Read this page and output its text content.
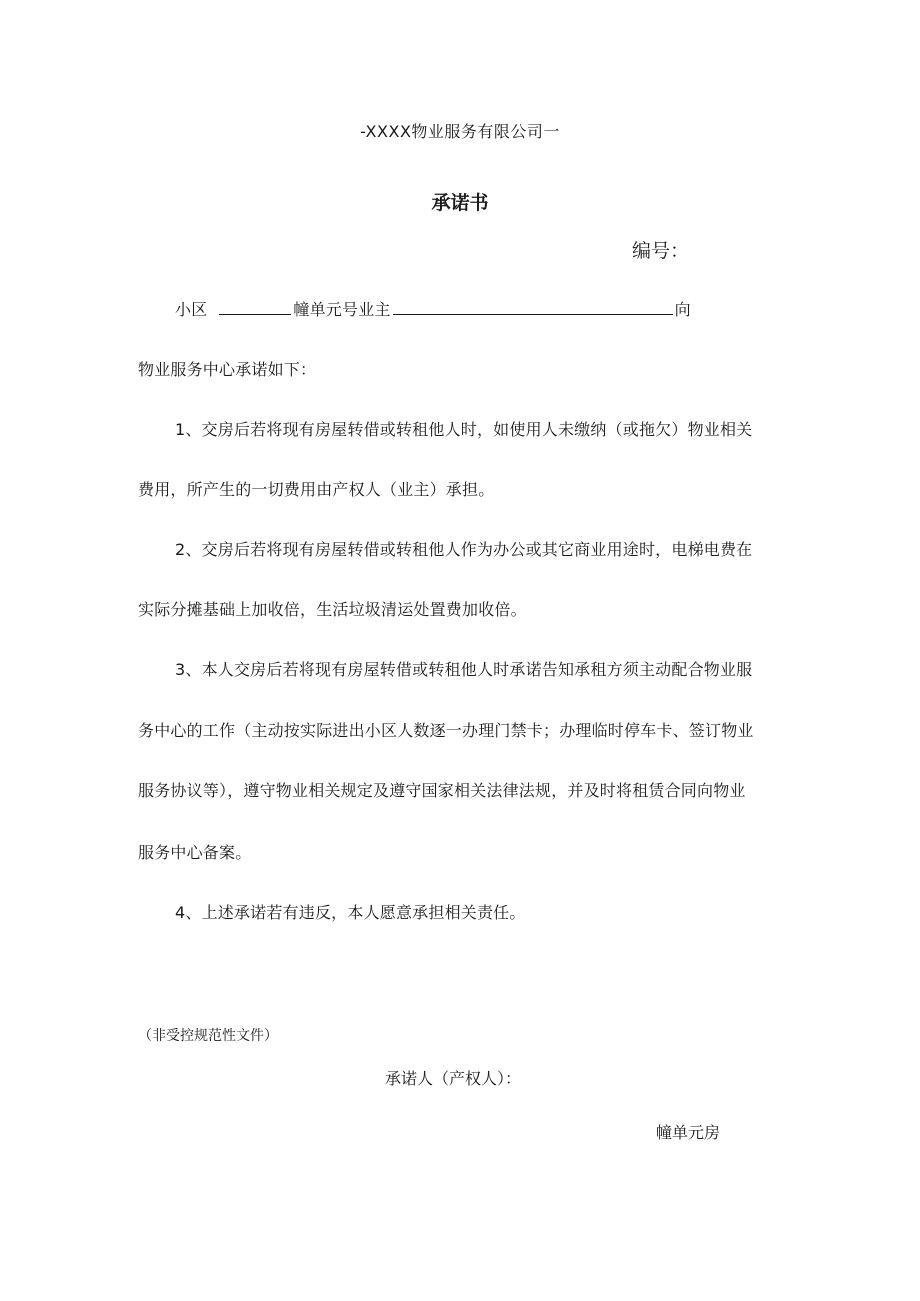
-XXXX物业服务有限公司一
承诺书
编号：
小区	幢单元号业主	向
物业服务中心承诺如下：
1、交房后若将现有房屋转借或转租他人时，如使用人未缴纳（或拖欠）物业相关
费用，所产生的一切费用由产权人（业主）承担。
2、交房后若将现有房屋转借或转租他人作为办公或其它商业用途时，电梯电费在
实际分摊基础上加收倍，生活垃圾清运处置费加收倍。
3、本人交房后若将现有房屋转借或转租他人时承诺告知承租方须主动配合物业服
务中心的工作（主动按实际进出小区人数逐一办理门禁卡；办理临时停车卡、签订物业
服务协议等），遵守物业相关规定及遵守国家相关法律法规，并及时将租赁合同向物业
服务中心备案。
4、上述承诺若有违反，本人愿意承担相关责任。
（非受控规范性文件）
承诺人（产权人）：
幢单元房
